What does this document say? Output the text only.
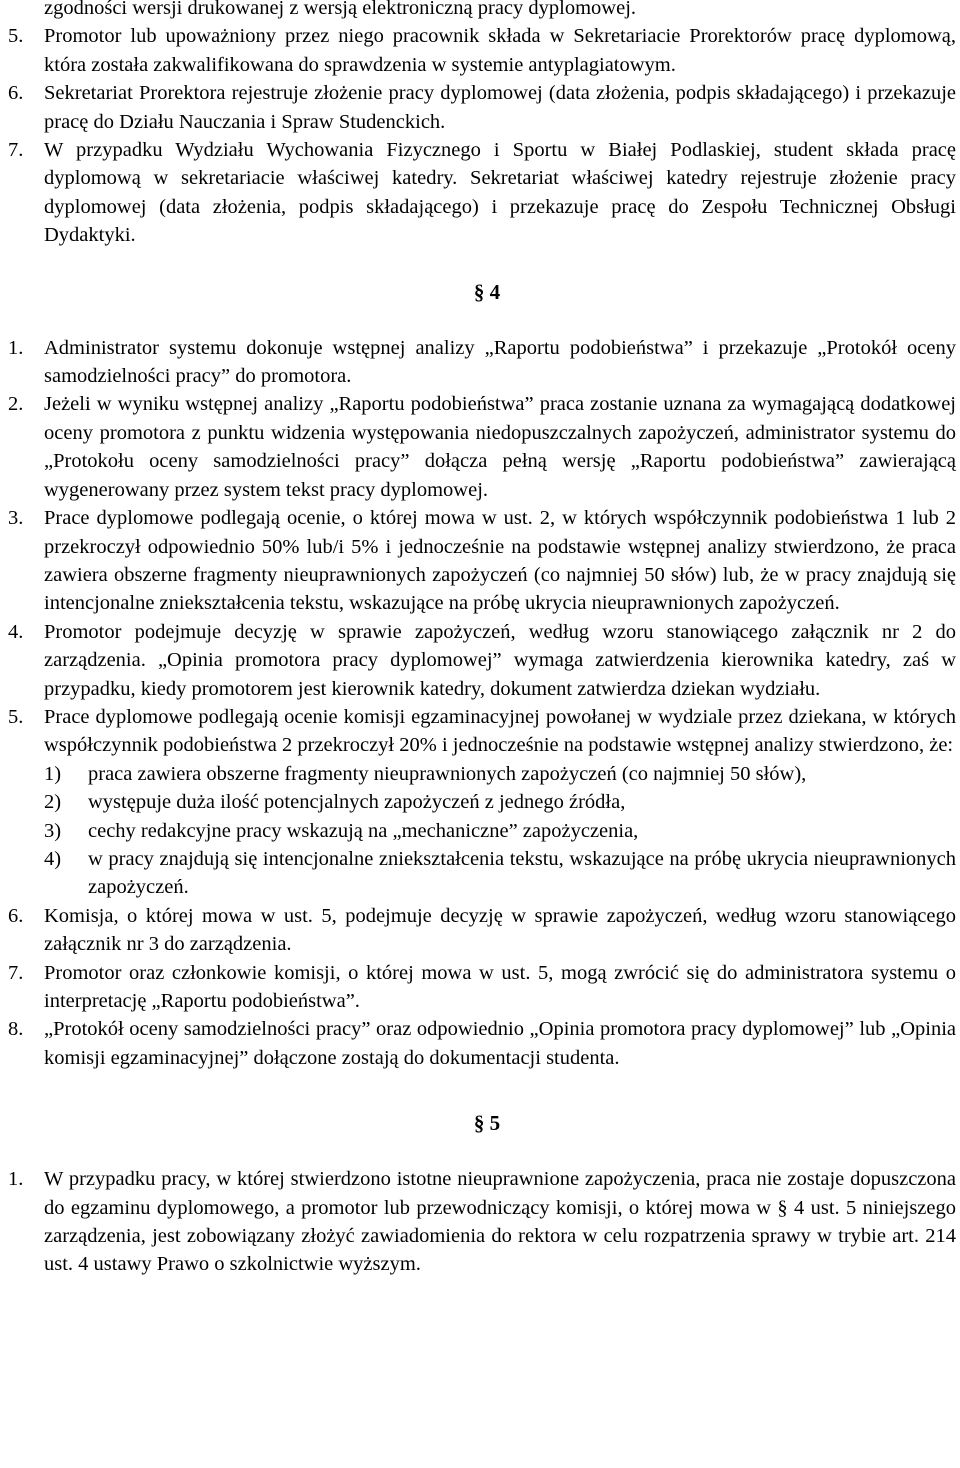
zgodności wersji drukowanej z wersją elektroniczną pracy dyplomowej.
5. Promotor lub upoważniony przez niego pracownik składa w Sekretariacie Prorektorów pracę dyplomową, która została zakwalifikowana do sprawdzenia w systemie antyplagiatowym.
6. Sekretariat Prorektora rejestruje złożenie pracy dyplomowej (data złożenia, podpis składającego) i przekazuje pracę do Działu Nauczania i Spraw Studenckich.
7. W przypadku Wydziału Wychowania Fizycznego i Sportu w Białej Podlaskiej, student składa pracę dyplomową w sekretariacie właściwej katedry. Sekretariat właściwej katedry rejestruje złożenie pracy dyplomowej (data złożenia, podpis składającego) i przekazuje pracę do Zespołu Technicznej Obsługi Dydaktyki.
§ 4
1. Administrator systemu dokonuje wstępnej analizy „Raportu podobieństwa” i przekazuje „Protokół oceny samodzielności pracy” do promotora.
2. Jeżeli w wyniku wstępnej analizy „Raportu podobieństwa” praca zostanie uznana za wymagającą dodatkowej oceny promotora z punktu widzenia występowania niedopuszczalnych zapożyczeń, administrator systemu do „Protokołu oceny samodzielności pracy” dołącza pełną wersję „Raportu podobieństwa” zawierającą wygenerowany przez system tekst pracy dyplomowej.
3. Prace dyplomowe podlegają ocenie, o której mowa w ust. 2, w których współczynnik podobieństwa 1 lub 2 przekroczył odpowiednio 50% lub/i 5% i jednocześnie na podstawie wstępnej analizy stwierdzono, że praca zawiera obszerne fragmenty nieuprawnionych zapożyczeń (co najmniej 50 słów) lub, że w pracy znajdują się intencjonalne zniekształcenia tekstu, wskazujące na próbę ukrycia nieuprawnionych zapożyczeń.
4. Promotor podejmuje decyzję w sprawie zapożyczeń, według wzoru stanowiącego załącznik nr 2 do zarządzenia. „Opinia promotora pracy dyplomowej” wymaga zatwierdzenia kierownika katedry, zaś w przypadku, kiedy promotorem jest kierownik katedry, dokument zatwierdza dziekan wydziału.
5. Prace dyplomowe podlegają ocenie komisji egzaminacyjnej powołanej w wydziale przez dziekana, w których współczynnik podobieństwa 2 przekroczył 20% i jednocześnie na podstawie wstępnej analizy stwierdzono, że:
1) praca zawiera obszerne fragmenty nieuprawnionych zapożyczeń (co najmniej 50 słów),
2) występuje duża ilość potencjalnych zapożyczeń z jednego źródła,
3) cechy redakcyjne pracy wskazują na „mechaniczne” zapożyczenia,
4) w pracy znajdują się intencjonalne zniekształcenia tekstu, wskazujące na próbę ukrycia nieuprawnionych zapożyczeń.
6. Komisja, o której mowa w ust. 5, podejmuje decyzję w sprawie zapożyczeń, według wzoru stanowiącego załącznik nr 3 do zarządzenia.
7. Promotor oraz członkowie komisji, o której mowa w ust. 5, mogą zwrócić się do administratora systemu o interpretację „Raportu podobieństwa”.
8. „Protokół oceny samodzielności pracy” oraz odpowiednio „Opinia promotora pracy dyplomowej” lub „Opinia komisji egzaminacyjnej” dołączone zostają do dokumentacji studenta.
§ 5
1. W przypadku pracy, w której stwierdzono istotne nieuprawnione zapożyczenia, praca nie zostaje dopuszczona do egzaminu dyplomowego, a promotor lub przewodniczący komisji, o której mowa w § 4 ust. 5 niniejszego zarządzenia, jest zobowiązany złożyć zawiadomienia do rektora w celu rozpatrzenia sprawy w trybie art. 214 ust. 4 ustawy Prawo o szkolnictwie wyższym.
